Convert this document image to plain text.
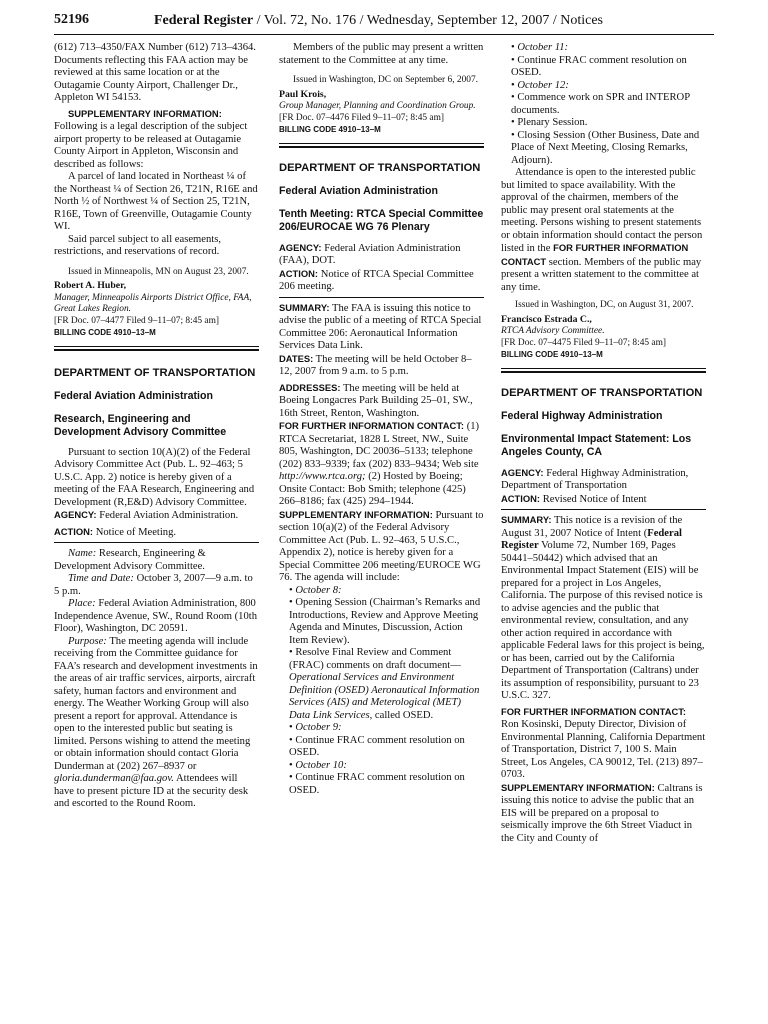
52196	Federal Register / Vol. 72, No. 176 / Wednesday, September 12, 2007 / Notices

(612) 713–4350/FAX Number (612) 713–4364. Documents reflecting this FAA action may be reviewed at this same location or at the Outagamie County Airport, Challenger Dr., Appleton WI 54153.

SUPPLEMENTARY INFORMATION: Following is a legal description of the subject airport property to be released at Outagamie County Airport in Appleton, Wisconsin and described as follows:

A parcel of land located in Northeast ¼ of the Northeast ¼ of Section 26, T21N, R16E and North ½ of Northwest ¼ of Section 25, T21N, R16E, Town of Greenville, Outagamie County WI.

Said parcel subject to all easements, restrictions, and reservations of record.

Issued in Minneapolis, MN on August 23, 2007.

Robert A. Huber,

Manager, Minneapolis Airports District Office, FAA, Great Lakes Region.

[FR Doc. 07–4477 Filed 9–11–07; 8:45 am]

BILLING CODE 4910–13–M

DEPARTMENT OF TRANSPORTATION

Federal Aviation Administration

Research, Engineering and Development Advisory Committee

Pursuant to section 10(A)(2) of the Federal Advisory Committee Act (Pub. L. 92–463; 5 U.S.C. App. 2) notice is hereby given of a meeting of the FAA Research, Engineering and Development (R,E&D) Advisory Committee.

AGENCY: Federal Aviation Administration.

ACTION: Notice of Meeting.

Name: Research, Engineering & Development Advisory Committee.

Time and Date: October 3, 2007—9 a.m. to 5 p.m.

Place: Federal Aviation Administration, 800 Independence Avenue, SW., Round Room (10th Floor), Washington, DC 20591.

Purpose: The meeting agenda will include receiving from the Committee guidance for FAA’s research and development investments in the areas of air traffic services, airports, aircraft safety, human factors and environment and energy. The Weather Working Group will also present a report for approval. Attendance is open to the interested public but seating is limited. Persons wishing to attend the meeting or obtain information should contact Gloria Dunderman at (202) 267–8937 or gloria.dunderman@faa.gov. Attendees will have to present picture ID at the security desk and escorted to the Round Room.

Members of the public may present a written statement to the Committee at any time.

Issued in Washington, DC on September 6, 2007.

Paul Krois,

Group Manager, Planning and Coordination Group.

[FR Doc. 07–4476 Filed 9–11–07; 8:45 am]

BILLING CODE 4910–13–M

DEPARTMENT OF TRANSPORTATION

Federal Aviation Administration

Tenth Meeting: RTCA Special Committee 206/EUROCAE WG 76 Plenary

AGENCY: Federal Aviation Administration (FAA), DOT.

ACTION: Notice of RTCA Special Committee 206 meeting.

SUMMARY: The FAA is issuing this notice to advise the public of a meeting of RTCA Special Committee 206: Aeronautical Information Services Data Link.

DATES: The meeting will be held October 8–12, 2007 from 9 a.m. to 5 p.m.

ADDRESSES: The meeting will be held at Boeing Longacres Park Building 25–01, SW., 16th Street, Renton, Washington.

FOR FURTHER INFORMATION CONTACT: (1) RTCA Secretariat, 1828 L Street, NW., Suite 805, Washington, DC 20036–5133; telephone (202) 833–9339; fax (202) 833–9434; Web site http://www.rtca.org; (2) Hosted by Boeing; Onsite Contact: Bob Smith; telephone (425) 266–8186; fax (425) 294–1944.

SUPPLEMENTARY INFORMATION: Pursuant to section 10(a)(2) of the Federal Advisory Committee Act (Pub. L. 92–463, 5 U.S.C., Appendix 2), notice is hereby given for a Special Committee 206 meeting/EUROCE WG 76. The agenda will include:

• October 8:

• Opening Session (Chairman’s Remarks and Introductions, Review and Approve Meeting Agenda and Minutes, Discussion, Action Item Review).

• Resolve Final Review and Comment (FRAC) comments on draft document—Operational Services and Environment Definition (OSED) Aeronautical Information Services (AIS) and Meterological (MET) Data Link Services, called OSED.

• October 9:

• Continue FRAC comment resolution on OSED.

• October 10:

• Continue FRAC comment resolution on OSED.

• October 11:

• Continue FRAC comment resolution on OSED.

• October 12:

• Commence work on SPR and INTEROP documents.

• Plenary Session.

• Closing Session (Other Business, Date and Place of Next Meeting, Closing Remarks, Adjourn).

Attendance is open to the interested public but limited to space availability. With the approval of the chairmen, members of the public may present oral statements at the meeting. Persons wishing to present statements or obtain information should contact the person listed in the FOR FURTHER INFORMATION CONTACT section. Members of the public may present a written statement to the committee at any time.

Issued in Washington, DC, on August 31, 2007.

Francisco Estrada C.,

RTCA Advisory Committee.

[FR Doc. 07–4475 Filed 9–11–07; 8:45 am]

BILLING CODE 4910–13–M

DEPARTMENT OF TRANSPORTATION

Federal Highway Administration

Environmental Impact Statement: Los Angeles County, CA

AGENCY: Federal Highway Administration, Department of Transportation

ACTION: Revised Notice of Intent

SUMMARY: This notice is a revision of the August 31, 2007 Notice of Intent (Federal Register Volume 72, Number 169, Pages 50441–50442) which advised that an Environmental Impact Statement (EIS) will be prepared for a project in Los Angeles, California. The purpose of this revised notice is to advise agencies and the public that environmental review, consultation, and any other action required in accordance with applicable Federal laws for this project is being, or has been, carried out by the California Department of Transportation (Caltrans) under its assumption of responsibility, pursuant to 23 U.S.C. 327.

FOR FURTHER INFORMATION CONTACT: Ron Kosinski, Deputy Director, Division of Environmental Planning, California Department of Transportation, District 7, 100 S. Main Street, Los Angeles, CA 90012, Tel. (213) 897–0703.

SUPPLEMENTARY INFORMATION: Caltrans is issuing this notice to advise the public that an EIS will be prepared on a proposal to seismically improve the 6th Street Viaduct in the City and County of
